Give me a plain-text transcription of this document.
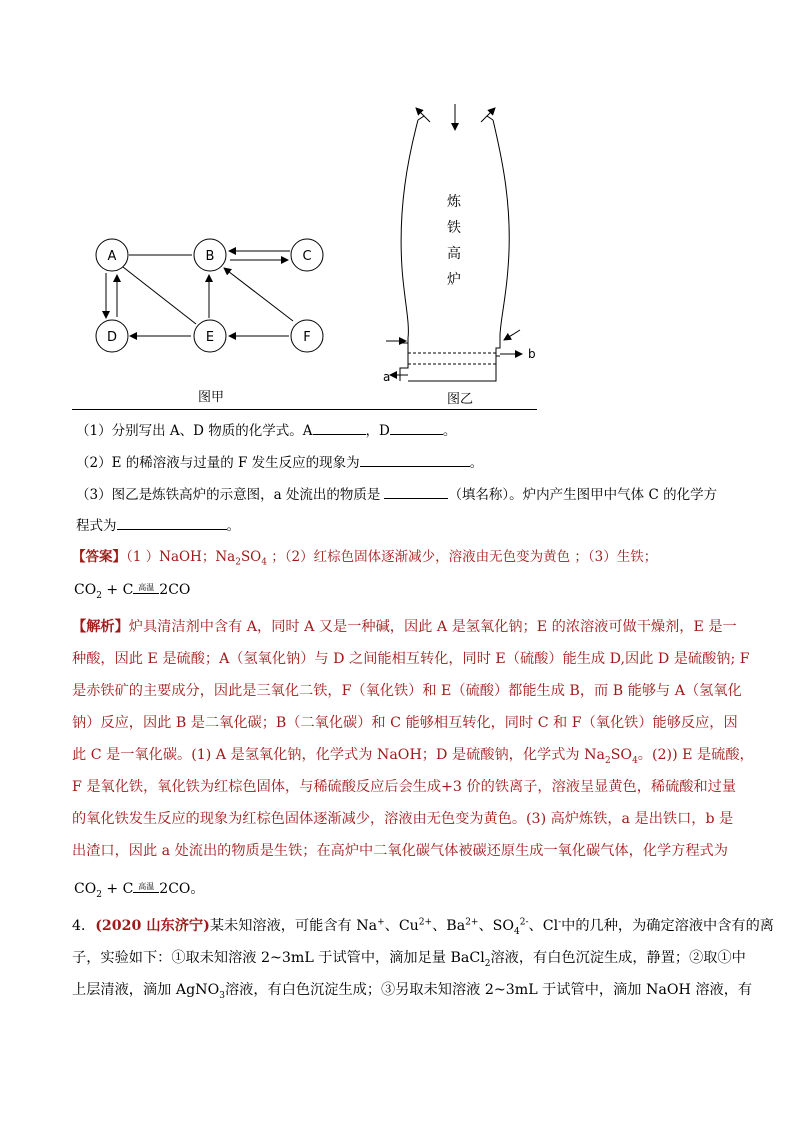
A	B	C
D	E	F
图甲
炼
铁
高
炉
b
a
图乙
（1）分别写出 A、D 物质的化学式。A	，D	。
（2）E 的稀溶液与过量的 F 发生反应的现象为	。
（3）图乙是炼铁高炉的示意图，a 处流出的物质是	（填名称）。炉内产生图甲中气体 C 的化学方
程式为	。
【答案】（1 ）NaOH；$Na_2SO_4$ ；（2）红棕色固体逐渐减少，溶液由无色变为黄色 ；（3）生铁；
$CO_2 + C$ 高温 2CO
【解析】炉具清洁剂中含有 A，同时 A 又是一种碱，因此 A 是氢氧化钠；E 的浓溶液可做干燥剂，E 是一
种酸，因此 E 是硫酸；A（氢氧化钠）与 D 之间能相互转化，同时 E（硫酸）能生成 D,因此 D 是硫酸钠; F
是赤铁矿的主要成分，因此是三氧化二铁，F（氧化铁）和 E（硫酸）都能生成 B，而 B 能够与 A（氢氧化
钠）反应，因此 B 是二氧化碳；B（二氧化碳）和 C 能够相互转化，同时 C 和 F（氧化铁）能够反应，因
此 C 是一氧化碳。(1) A 是氢氧化钠，化学式为 NaOH；D 是硫酸钠，化学式为 $Na_2SO_4$。(2)) E 是硫酸，
F 是氧化铁，氧化铁为红棕色固体，与稀硫酸反应后会生成+3 价的铁离子，溶液呈显黄色，稀硫酸和过量
的氧化铁发生反应的现象为红棕色固体逐渐减少，溶液由无色变为黄色。(3) 高炉炼铁，a 是出铁口，b 是
出渣口，因此 a 处流出的物质是生铁；在高炉中二氧化碳气体被碳还原生成一氧化碳气体，化学方程式为
$CO_2 + C$ 高温 2CO。
4．(2020 山东济宁)某未知溶液，可能含有 Na+、$Cu^{2+}$、$Ba^{2+}$、$SO_4^{2-}$、Cl-中的几种，为确定溶液中含有的离
子，实验如下：①取未知溶液 2~3mL 于试管中，滴加足量 BaCl$_2$溶液，有白色沉淀生成，静置；②取①中
上层清液，滴加 AgNO$_3$溶液，有白色沉淀生成；③另取未知溶液 2~3mL 于试管中，滴加 NaOH 溶液，有
